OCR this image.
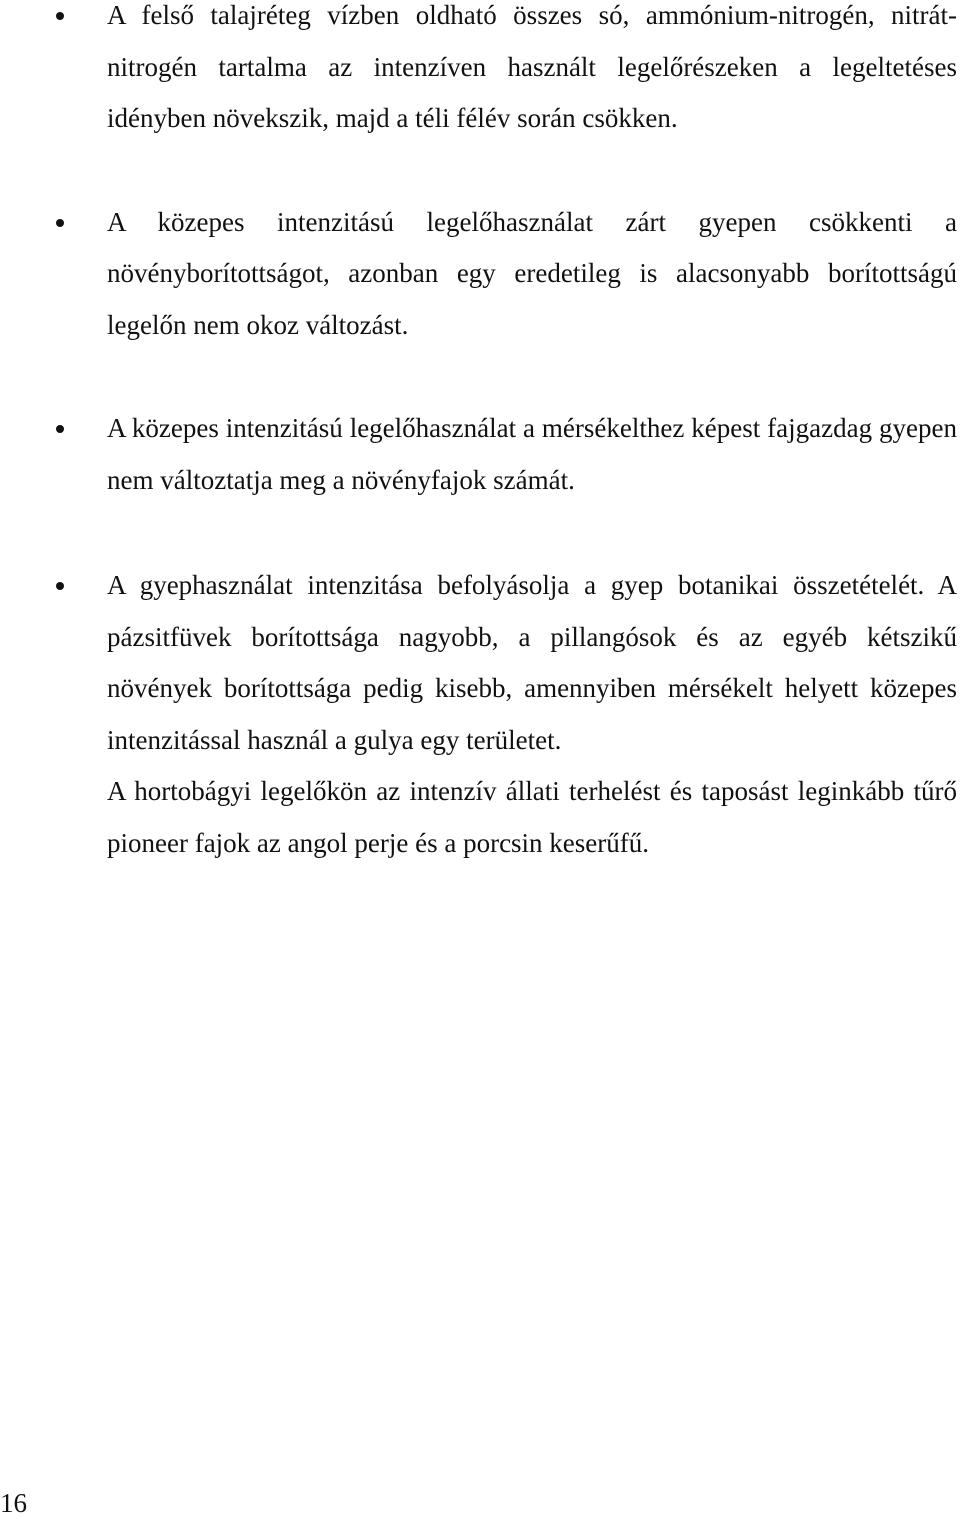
A felső talajréteg vízben oldható összes só, ammónium-nitrogén, nitrát-nitrogén tartalma az intenzíven használt legelőrészeken a legeltetéses idényben növekszik, majd a téli félév során csökken.
A közepes intenzitású legelőhasználat zárt gyepen csökkenti a növényborítottságot, azonban egy eredetileg is alacsonyabb borítottságú legelőn nem okoz változást.
A közepes intenzitású legelőhasználat a mérsékelthez képest fajgazdag gyepen nem változtatja meg a növényfajok számát.
A gyephasználat intenzitása befolyásolja a gyep botanikai összetételét. A pázsitfüvek borítottsága nagyobb, a pillangósok és az egyéb kétszikű növények borítottsága pedig kisebb, amennyiben mérsékelt helyett közepes intenzitással használ a gulya egy területet.
A hortobágyi legelőkön az intenzív állati terhelést és taposást leginkább tűrő pioneer fajok az angol perje és a porcsin keserűfű.
16
